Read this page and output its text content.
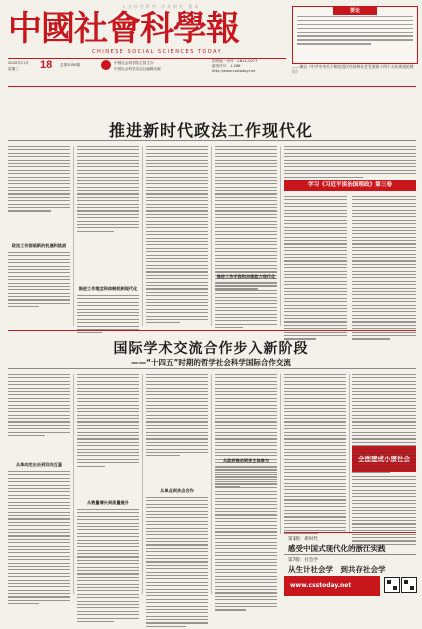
人文社会科学 学术研究 资讯
中國社會科學報
CHINESE SOCIAL SCIENCES TODAY
2020年11月
星期三 18 总第2050期	中国社会科学院主管主办
中国社会科学杂志社编辑出版
国内统一刊号：CN11-0277
邮发代号：1-288
http://www.csstoday.net
要论
——摘自《中共中央关于制定国民经济和社会发展第十四个五年规划的建议》
推进新时代政法工作现代化
政法工作面临新的机遇和挑战
推进工作理念和体制机制现代化
推进工作手段和治理能力现代化
学习《习近平谈治国理政》第三卷
国际学术交流合作步入新阶段
——“十四五”时期的哲学社会科学国际合作交流
从单向走出去到双向互鉴
从数量增长到质量提升
从单点到多点合作
从政府推动到多主体参与
第3版：新时代
感受中国式现代化的浙江实践
第7版：社会学
从生计社会学　到共存社会学
www.csstoday.net
